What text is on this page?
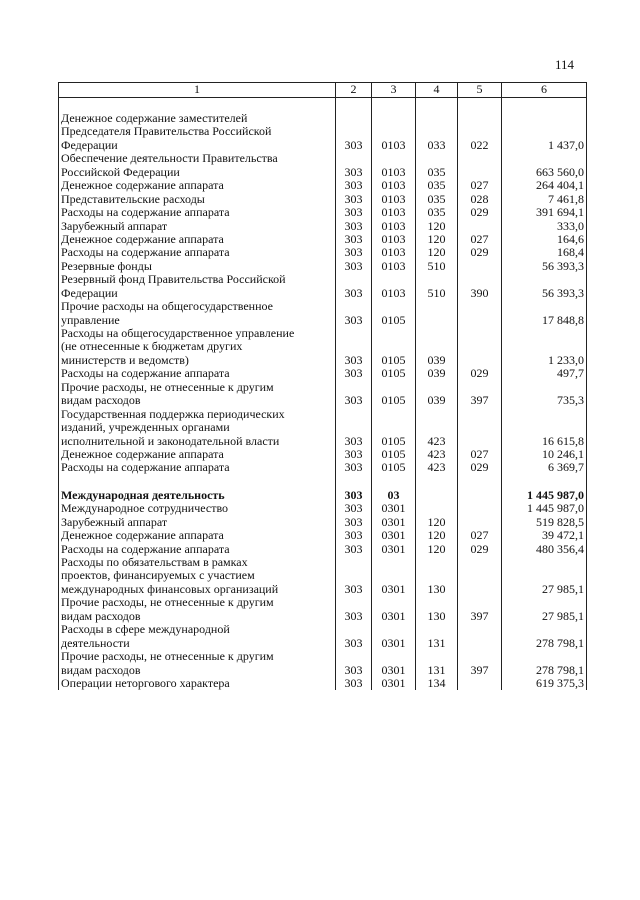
114
1	2	3	4	5	6

Денежное содержание заместителей
Председателя Правительства Российской
Федерации	303	0103	033	022	1 437,0

Обеспечение деятельности Правительства
Российской Федерации	303	0103	035		663 560,0

Денежное содержание аппарата	303	0103	035	027	264 404,1

Представительские расходы	303	0103	035	028	7 461,8

Расходы на содержание аппарата	303	0103	035	029	391 694,1

Зарубежный аппарат	303	0103	120		333,0

Денежное содержание аппарата	303	0103	120	027	164,6

Расходы на содержание аппарата	303	0103	120	029	168,4

Резервные фонды	303	0103	510		56 393,3

Резервный фонд Правительства Российской
Федерации	303	0103	510	390	56 393,3

Прочие расходы на общегосударственное
управление	303	0105			17 848,8

Расходы на общегосударственное управление
(не отнесенные к бюджетам других
министерств и ведомств)	303	0105	039		1 233,0

Расходы на содержание аппарата	303	0105	039	029	497,7

Прочие расходы, не отнесенные к другим
видам расходов	303	0105	039	397	735,3

Государственная поддержка периодических
изданий, учрежденных органами
исполнительной и законодательной власти	303	0105	423		16 615,8

Денежное содержание аппарата	303	0105	423	027	10 246,1

Расходы на содержание аппарата	303	0105	423	029	6 369,7

Международная деятельность	303	03			1 445 987,0

Международное сотрудничество	303	0301			1 445 987,0

Зарубежный аппарат	303	0301	120		519 828,5

Денежное содержание аппарата	303	0301	120	027	39 472,1

Расходы на содержание аппарата	303	0301	120	029	480 356,4

Расходы по обязательствам в рамках
проектов, финансируемых с участием
международных финансовых организаций	303	0301	130		27 985,1

Прочие расходы, не отнесенные к другим
видам расходов	303	0301	130	397	27 985,1

Расходы в сфере международной
деятельности	303	0301	131		278 798,1

Прочие расходы, не отнесенные к другим
видам расходов	303	0301	131	397	278 798,1

Операции неторгового характера	303	0301	134		619 375,3
